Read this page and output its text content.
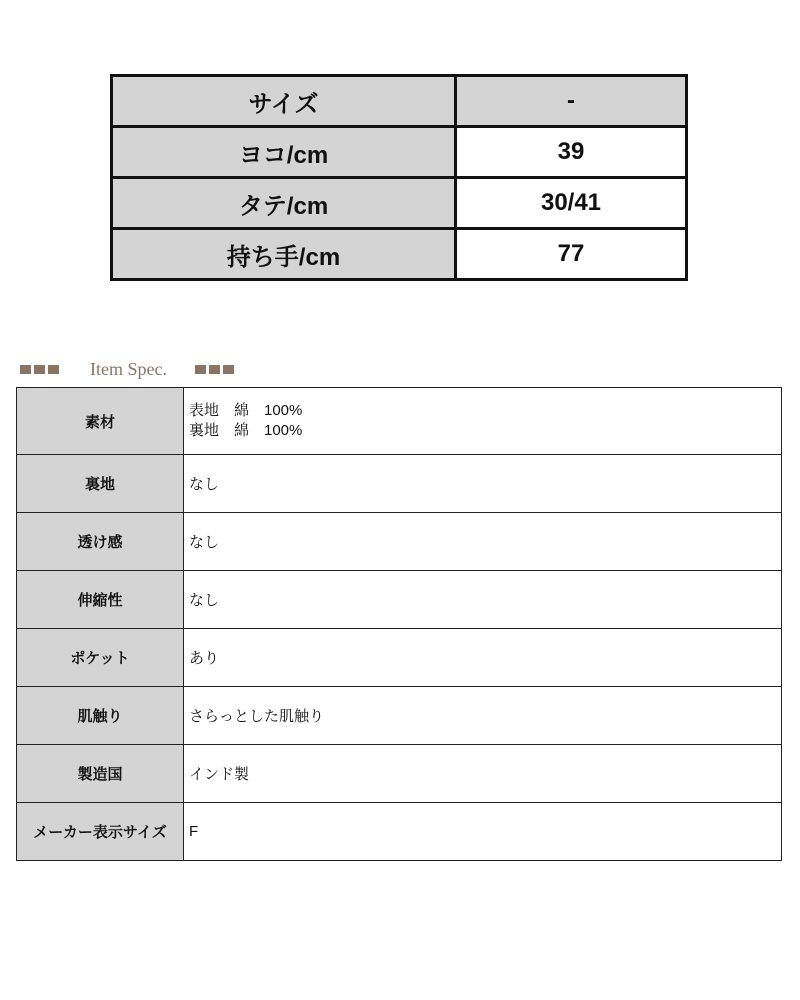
サイズ	-
ヨコ/cm	39
タテ/cm	30/41
持ち手/cm	77
Item Spec.
素材	表地　綿　100%
裏地　綿　100%

裏地	なし
透け感	なし
伸縮性	なし
ポケット	あり
肌触り	さらっとした肌触り
製造国	インド製
メーカー表示サイズ	F
